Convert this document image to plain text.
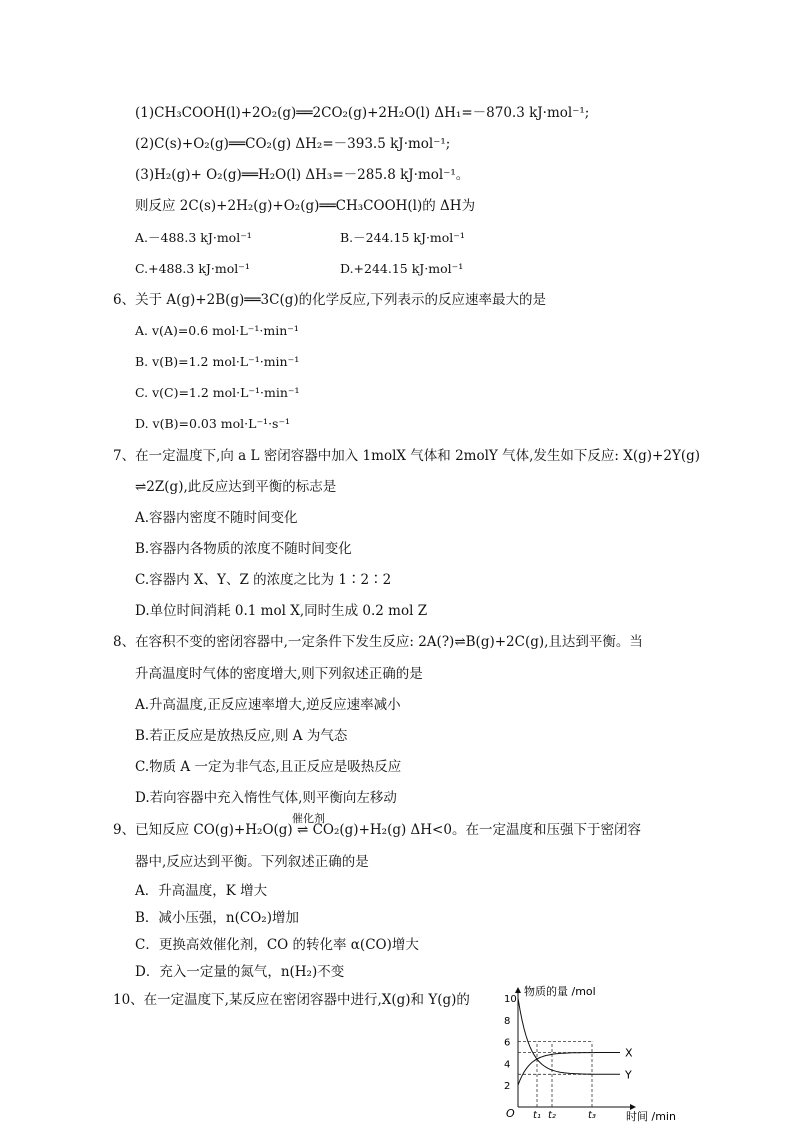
(1)CH₃COOH(l)+2O₂(g)══2CO₂(g)+2H₂O(l) ΔH₁=－870.3 kJ·mol⁻¹;
(2)C(s)+O₂(g)══CO₂(g) ΔH₂=－393.5 kJ·mol⁻¹;
(3)H₂(g)+ O₂(g)══H₂O(l) ΔH₃=－285.8 kJ·mol⁻¹。
则反应 2C(s)+2H₂(g)+O₂(g)══CH₃COOH(l)的 ΔH为
A.－488.3 kJ·mol⁻¹	B.－244.15 kJ·mol⁻¹
C.+488.3 kJ·mol⁻¹	D.+244.15 kJ·mol⁻¹
6、关于 A(g)+2B(g)══3C(g)的化学反应,下列表示的反应速率最大的是
A. v(A)=0.6 mol·L⁻¹·min⁻¹
B. v(B)=1.2 mol·L⁻¹·min⁻¹
C. v(C)=1.2 mol·L⁻¹·min⁻¹
D. v(B)=0.03 mol·L⁻¹·s⁻¹
7、在一定温度下,向 a L 密闭容器中加入 1molX 气体和 2molY 气体,发生如下反应: X(g)+2Y(g)
⇌2Z(g),此反应达到平衡的标志是
A.容器内密度不随时间变化
B.容器内各物质的浓度不随时间变化
C.容器内 X、Y、Z 的浓度之比为 1∶2∶2
D.单位时间消耗 0.1 mol X,同时生成 0.2 mol Z
8、在容积不变的密闭容器中,一定条件下发生反应: 2A(?)⇌B(g)+2C(g),且达到平衡。当
升高温度时气体的密度增大,则下列叙述正确的是
A.升高温度,正反应速率增大,逆反应速率减小
B.若正反应是放热反应,则 A 为气态
C.物质 A 一定为非气态,且正反应是吸热反应
D.若向容器中充入惰性气体,则平衡向左移动
9、已知反应 CO(g)+H₂O(g) ⇌ CO₂(g)+H₂(g) ΔH<0。在一定温度和压强下于密闭容
催化剂
器中,反应达到平衡。下列叙述正确的是
A．升高温度，K 增大
B．减小压强，n(CO₂)增加
C．更换高效催化剂，CO 的转化率 α(CO)增大
D．充入一定量的氮气，n(H₂)不变
10、在一定温度下,某反应在密闭容器中进行,X(g)和 Y(g)的
物质的量 /mol
时间 /min
O
2
4
6
8
10
t₁ t₂	t₃
X
Y
